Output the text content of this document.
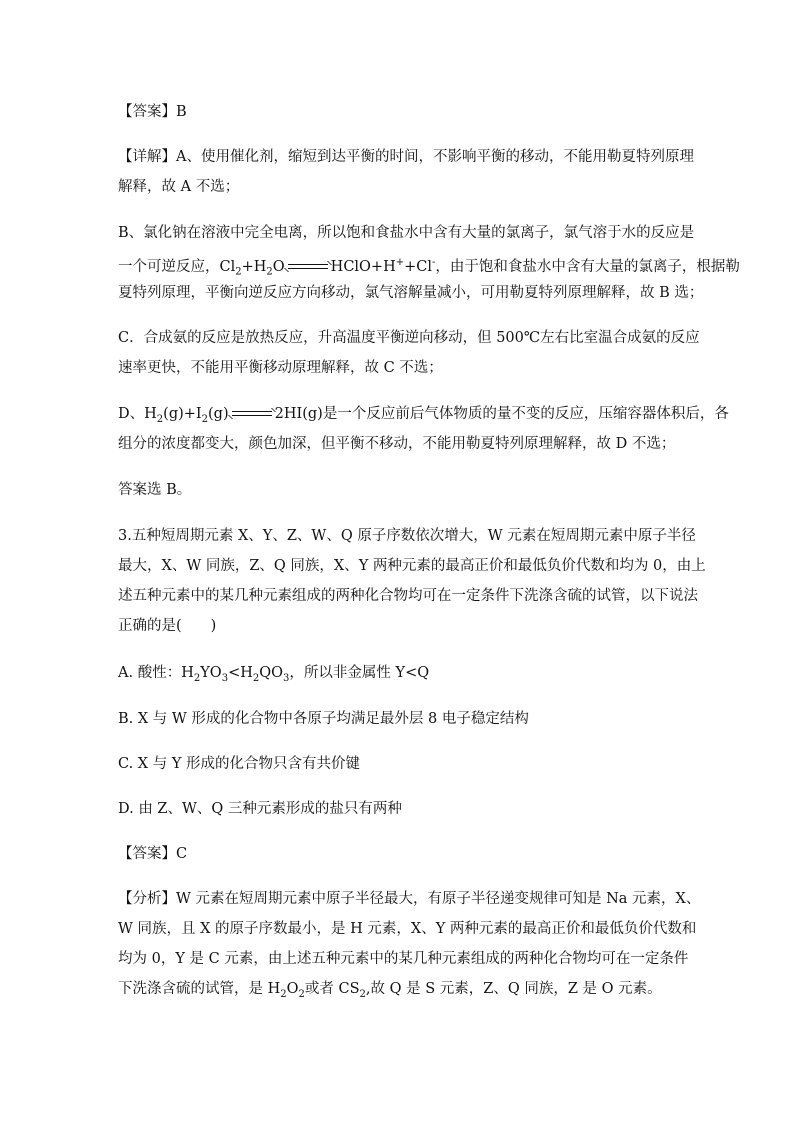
【答案】B

【详解】A、使用催化剂，缩短到达平衡的时间，不影响平衡的移动，不能用勒夏特列原理
解释，故 A 不选；

B、氯化钠在溶液中完全电离，所以饱和食盐水中含有大量的氯离子，氯气溶于水的反应是
一个可逆反应，$Cl_2+H_2O$	HClO+H++Cl-，由于饱和食盐水中含有大量的氯离子，根据勒
夏特列原理，平衡向逆反应方向移动，氯气溶解量减小，可用勒夏特列原理解释，故 B 选；

C．合成氨的反应是放热反应，升高温度平衡逆向移动，但 500℃左右比室温合成氨的反应
速率更快，不能用平衡移动原理解释，故 C 不选；

D、$H_2(g)+I_2(g)$	2HI(g)是一个反应前后气体物质的量不变的反应，压缩容器体积后，各
组分的浓度都变大，颜色加深，但平衡不移动，不能用勒夏特列原理解释，故 D 不选；

答案选 B。

3.五种短周期元素 X、Y、Z、W、Q 原子序数依次增大，W 元素在短周期元素中原子半径
最大，X、W 同族，Z、Q 同族，X、Y 两种元素的最高正价和最低负价代数和均为 0，由上
述五种元素中的某几种元素组成的两种化合物均可在一定条件下洗涤含硫的试管，以下说法
正确的是(　　)

A. 酸性：$H_2YO_3<H_2QO_3$，所以非金属性 Y<Q

B. X 与 W 形成的化合物中各原子均满足最外层 8 电子稳定结构

C. X 与 Y 形成的化合物只含有共价键

D. 由 Z、W、Q 三种元素形成的盐只有两种

【答案】C

【分析】W 元素在短周期元素中原子半径最大，有原子半径递变规律可知是 Na 元素，X、
W 同族，且 X 的原子序数最小，是 H 元素，X、Y 两种元素的最高正价和最低负价代数和
均为 0，Y 是 C 元素，由上述五种元素中的某几种元素组成的两种化合物均可在一定条件
下洗涤含硫的试管，是 $H_2O_2$或者 $CS_2$,故 Q 是 S 元素，Z、Q 同族，Z 是 O 元素。
